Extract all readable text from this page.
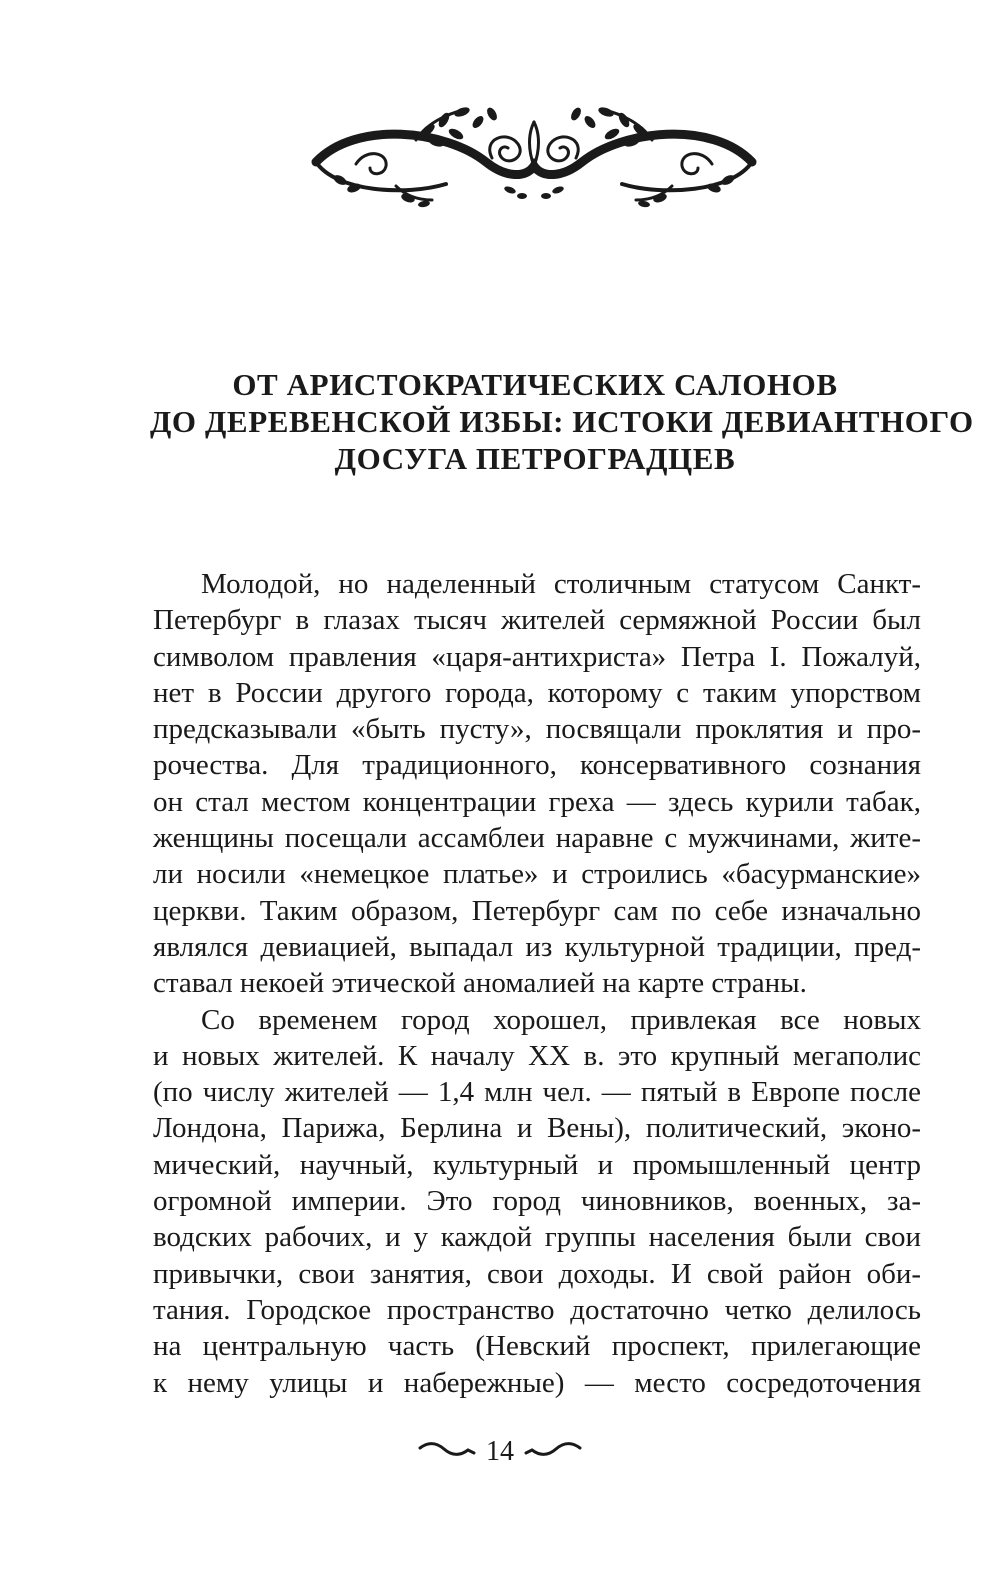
ОТ АРИСТОКРАТИЧЕСКИХ САЛОНОВ
ДО ДЕРЕВЕНСКОЙ ИЗБЫ: ИСТОКИ ДЕВИАНТНОГО
ДОСУГА ПЕТРОГРАДЦЕВ
Молодой, но наделенный столичным статусом Санкт-
Петербург в глазах тысяч жителей сермяжной России был
символом правления «царя-антихриста» Петра I. Пожалуй,
нет в России другого города, которому с таким упорством
предсказывали «быть пусту», посвящали проклятия и про-
рочества. Для традиционного, консервативного сознания
он стал местом концентрации греха — здесь курили табак,
женщины посещали ассамблеи наравне с мужчинами, жите-
ли носили «немецкое платье» и строились «басурманские»
церкви. Таким образом, Петербург сам по себе изначально
являлся девиацией, выпадал из культурной традиции, пред-
ставал некоей этической аномалией на карте страны.
Со временем город хорошел, привлекая все новых
и новых жителей. К началу XX в. это крупный мегаполис
(по числу жителей — 1,4 млн чел. — пятый в Европе после
Лондона, Парижа, Берлина и Вены), политический, эконо-
мический, научный, культурный и промышленный центр
огромной империи. Это город чиновников, военных, за-
водских рабочих, и у каждой группы населения были свои
привычки, свои занятия, свои доходы. И свой район оби-
тания. Городское пространство достаточно четко делилось
на центральную часть (Невский проспект, прилегающие
к нему улицы и набережные) — место сосредоточения
14
